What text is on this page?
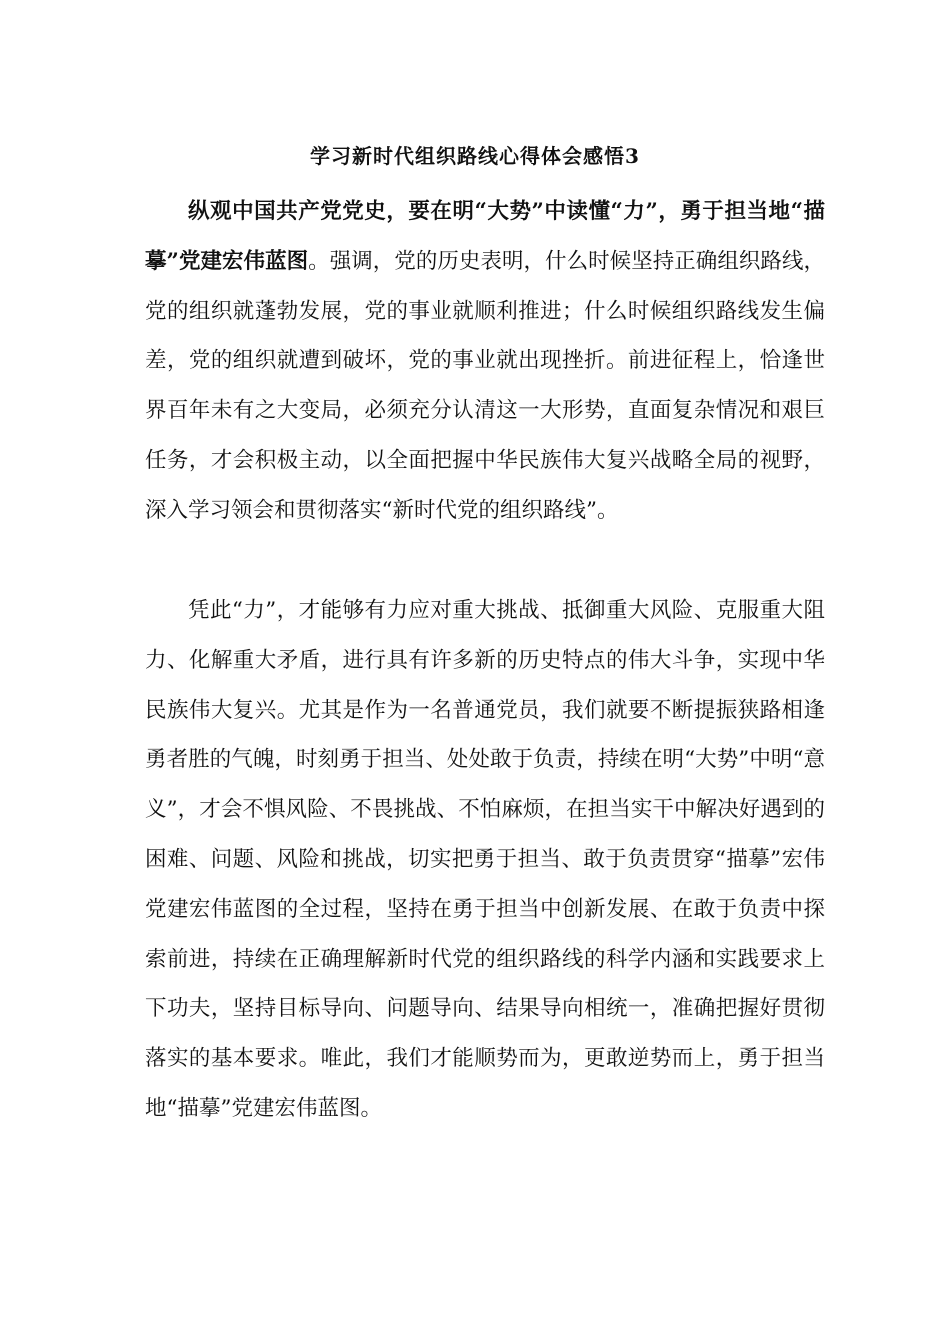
学习新时代组织路线心得体会感悟3

纵观中国共产党党史，要在明“大势”中读懂“力”，勇于担当地“描摹”党建宏伟蓝图。强调，党的历史表明，什么时候坚持正确组织路线，党的组织就蓬勃发展，党的事业就顺利推进；什么时候组织路线发生偏差，党的组织就遭到破坏，党的事业就出现挫折。前进征程上，恰逢世界百年未有之大变局，必须充分认清这一大形势，直面复杂情况和艰巨任务，才会积极主动，以全面把握中华民族伟大复兴战略全局的视野，深入学习领会和贯彻落实“新时代党的组织路线”。

凭此“力”，才能够有力应对重大挑战、抵御重大风险、克服重大阻力、化解重大矛盾，进行具有许多新的历史特点的伟大斗争，实现中华民族伟大复兴。尤其是作为一名普通党员，我们就要不断提振狭路相逢勇者胜的气魄，时刻勇于担当、处处敢于负责，持续在明“大势”中明“意义”，才会不惧风险、不畏挑战、不怕麻烦，在担当实干中解决好遇到的困难、问题、风险和挑战，切实把勇于担当、敢于负责贯穿“描摹”宏伟党建宏伟蓝图的全过程，坚持在勇于担当中创新发展、在敢于负责中探索前进，持续在正确理解新时代党的组织路线的科学内涵和实践要求上下功夫，坚持目标导向、问题导向、结果导向相统一，准确把握好贯彻落实的基本要求。唯此，我们才能顺势而为，更敢逆势而上，勇于担当地“描摹”党建宏伟蓝图。
